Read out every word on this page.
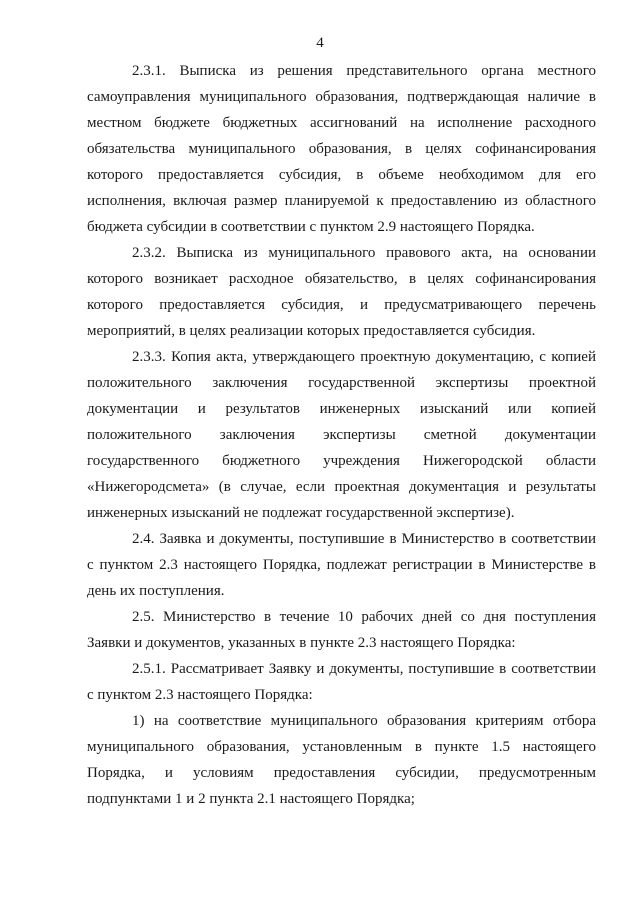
4

2.3.1. Выписка из решения представительного органа местного самоуправления муниципального образования, подтверждающая наличие в местном бюджете бюджетных ассигнований на исполнение расходного обязательства муниципального образования, в целях софинансирования которого предоставляется субсидия, в объеме необходимом для его исполнения, включая размер планируемой к предоставлению из областного бюджета субсидии в соответствии с пунктом 2.9 настоящего Порядка.

2.3.2. Выписка из муниципального правового акта, на основании которого возникает расходное обязательство, в целях софинансирования которого предоставляется субсидия, и предусматривающего перечень мероприятий, в целях реализации которых предоставляется субсидия.

2.3.3. Копия акта, утверждающего проектную документацию, с копией положительного заключения государственной экспертизы проектной документации и результатов инженерных изысканий или копией положительного заключения экспертизы сметной документации государственного бюджетного учреждения Нижегородской области «Нижегородсмета» (в случае, если проектная документация и результаты инженерных изысканий не подлежат государственной экспертизе).

2.4. Заявка и документы, поступившие в Министерство в соответствии с пунктом 2.3 настоящего Порядка, подлежат регистрации в Министерстве в день их поступления.

2.5. Министерство в течение 10 рабочих дней со дня поступления Заявки и документов, указанных в пункте 2.3 настоящего Порядка:

2.5.1. Рассматривает Заявку и документы, поступившие в соответствии с пунктом 2.3 настоящего Порядка:

1) на соответствие муниципального образования критериям отбора муниципального образования, установленным в пункте 1.5 настоящего Порядка, и условиям предоставления субсидии, предусмотренным подпунктами 1 и 2 пункта 2.1 настоящего Порядка;
